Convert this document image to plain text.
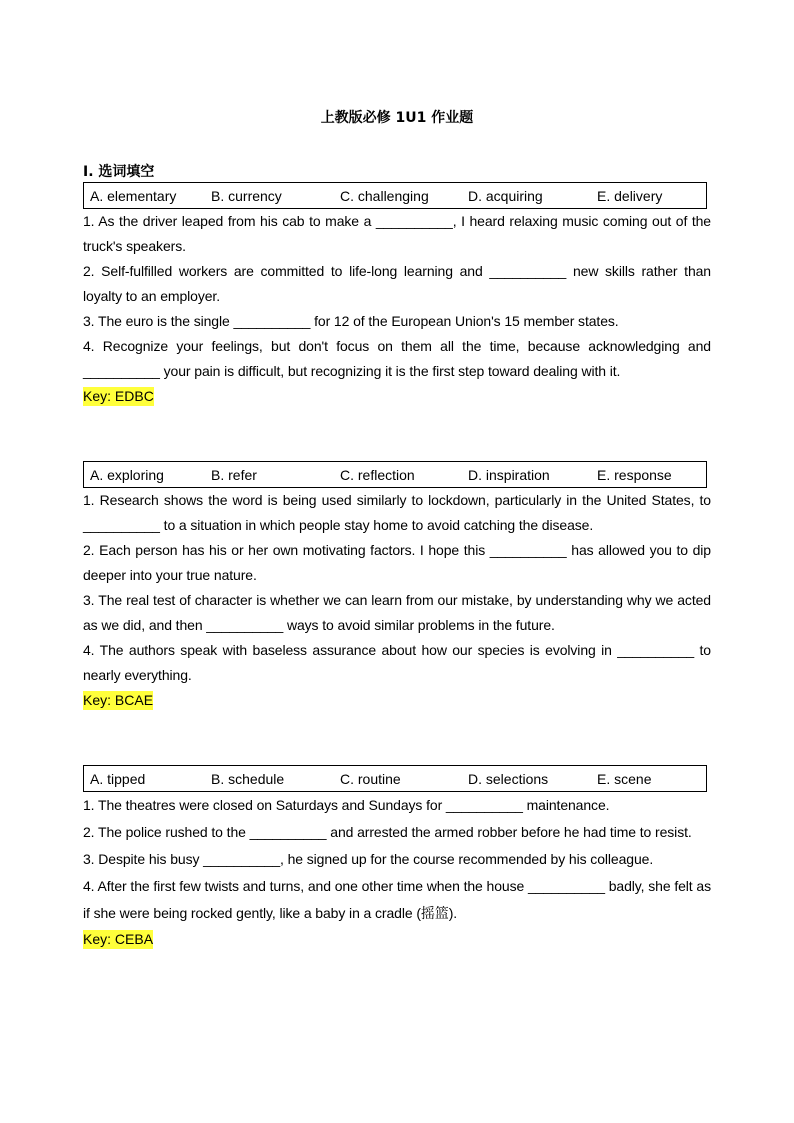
上教版必修 1U1 作业题
I. 选词填空
A. elementary B. currency	C. challenging	D. acquiring	E. delivery

1. As the driver leaped from his cab to make a __________, I heard relaxing music coming out of the truck's speakers.

2. Self-fulfilled workers are committed to life-long learning and __________ new skills rather than loyalty to an employer.

3. The euro is the single __________ for 12 of the European Union's 15 member states.

4. Recognize your feelings, but don't focus on them all the time, because acknowledging and __________ your pain is difficult, but recognizing it is the first step toward dealing with it.

Key: EDBC
A. exploring	B. refer	C. reflection	D. inspiration	E. response

1. Research shows the word is being used similarly to lockdown, particularly in the United States, to __________ to a situation in which people stay home to avoid catching the disease.

2. Each person has his or her own motivating factors. I hope this __________ has allowed you to dip deeper into your true nature.

3. The real test of character is whether we can learn from our mistake, by understanding why we acted as we did, and then __________ ways to avoid similar problems in the future.

4. The authors speak with baseless assurance about how our species is evolving in __________ to nearly everything.

Key: BCAE
A. tipped	B. schedule	C. routine	D. selections	E. scene

1. The theatres were closed on Saturdays and Sundays for __________ maintenance.

2. The police rushed to the __________ and arrested the armed robber before he had time to resist.

3. Despite his busy __________, he signed up for the course recommended by his colleague.

4. After the first few twists and turns, and one other time when the house __________ badly, she felt as if she were being rocked gently, like a baby in a cradle (摇篮).

Key: CEBA
